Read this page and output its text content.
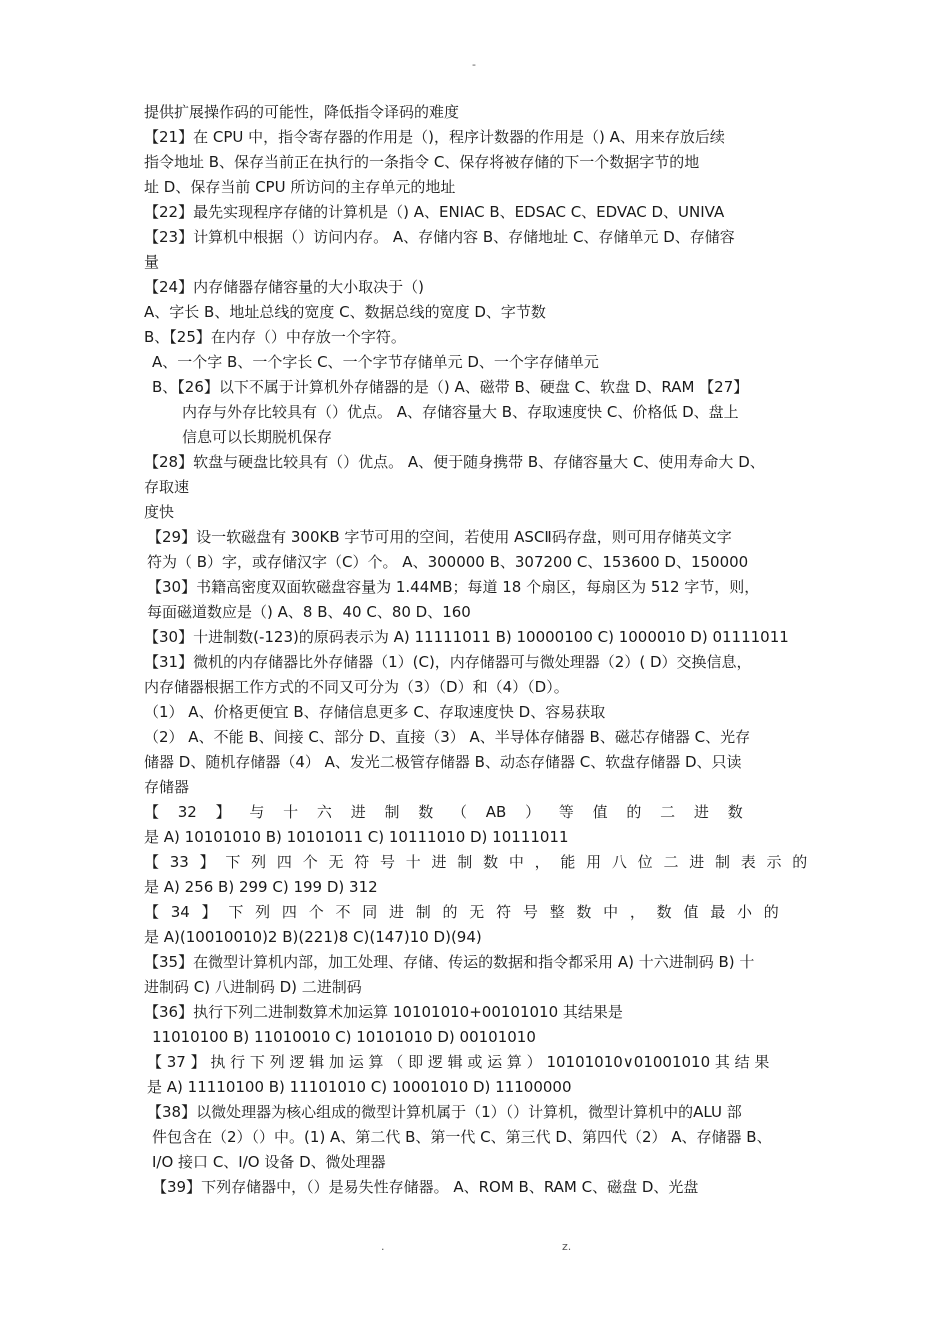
-
提供扩展操作码的可能性，降低指令译码的难度
【21】在 CPU 中，指令寄存器的作用是（)，程序计数器的作用是（) A、用来存放后续
指令地址 B、保存当前正在执行的一条指令 C、保存将被存储的下一个数据字节的地
址 D、保存当前 CPU 所访问的主存单元的地址
【22】最先实现程序存储的计算机是（) A、ENIAC B、EDSAC C、EDVAC D、UNIVA
【23】计算机中根据（）访问内存。 A、存储内容 B、存储地址 C、存储单元 D、存储容
量
【24】内存储器存储容量的大小取决于（)
A、字长 B、地址总线的宽度 C、数据总线的宽度 D、字节数
B、【25】在内存（）中存放一个字符。
A、一个字 B、一个字长 C、一个字节存储单元 D、一个字存储单元
B、【26】以下不属于计算机外存储器的是（) A、磁带 B、硬盘 C、软盘 D、RAM 【27】
内存与外存比较具有（）优点。 A、存储容量大 B、存取速度快 C、价格低 D、盘上
信息可以长期脱机保存
【28】软盘与硬盘比较具有（）优点。 A、便于随身携带 B、存储容量大 C、使用寿命大 D、
存取速
度快
【29】设一软磁盘有 300KB 字节可用的空间，若使用 ASCⅡ码存盘，则可用存储英文字
符为（ B）字，或存储汉字（C）个。 A、300000 B、307200 C、153600 D、150000
【30】书籍高密度双面软磁盘容量为 1.44MB；每道 18 个扇区，每扇区为 512 字节，则，
每面磁道数应是（) A、8 B、40 C、80 D、160
【30】十进制数(-123)的原码表示为 A) 11111011 B) 10000100 C) 1000010 D) 01111011
【31】微机的内存储器比外存储器（1）(C)，内存储器可与微处理器（2）( D）交换信息，
内存储器根据工作方式的不同又可分为（3）（D）和（4）（D）。
（1） A、价格更便宜 B、存储信息更多 C、存取速度快 D、容易获取
（2） A、不能 B、间接 C、部分 D、直接（3） A、半导体存储器 B、磁芯存储器 C、光存
储器 D、随机存储器（4） A、发光二极管存储器 B、动态存储器 C、软盘存储器 D、只读
存储器
【 32 】 与 十 六 进 制 数 （ AB ） 等 值 的 二 进 数
是 A) 10101010 B) 10101011 C) 10111010 D) 10111011
【 33 】 下 列 四 个 无 符 号 十 进 制 数 中 ， 能 用 八 位 二 进 制 表 示 的
是 A) 256 B) 299 C) 199 D) 312
【 34 】 下 列 四 个 不 同 进 制 的 无 符 号 整 数 中 ， 数 值 最 小 的
是 A)(10010010)2 B)(221)8 C)(147)10 D)(94)
【35】在微型计算机内部，加工处理、存储、传运的数据和指令都采用 A) 十六进制码 B) 十
进制码 C) 八进制码 D) 二进制码
【36】执行下列二进制数算术加运算 10101010+00101010 其结果是
11010100 B) 11010010 C) 10101010 D) 00101010
【 37 】 执 行 下 列 逻 辑 加 运 算 （ 即 逻 辑 或 运 算 ） 10101010∨01001010 其 结 果
是 A) 11110100 B) 11101010 C) 10001010 D) 11100000
【38】以微处理器为核心组成的微型计算机属于（1）（）计算机，微型计算机中的ALU 部
件包含在（2）（）中。(1) A、第二代 B、第一代 C、第三代 D、第四代（2） A、存储器 B、
I/O 接口 C、I/O 设备 D、微处理器
【39】下列存储器中，（）是易失性存储器。 A、ROM B、RAM C、磁盘 D、光盘
.	z.
